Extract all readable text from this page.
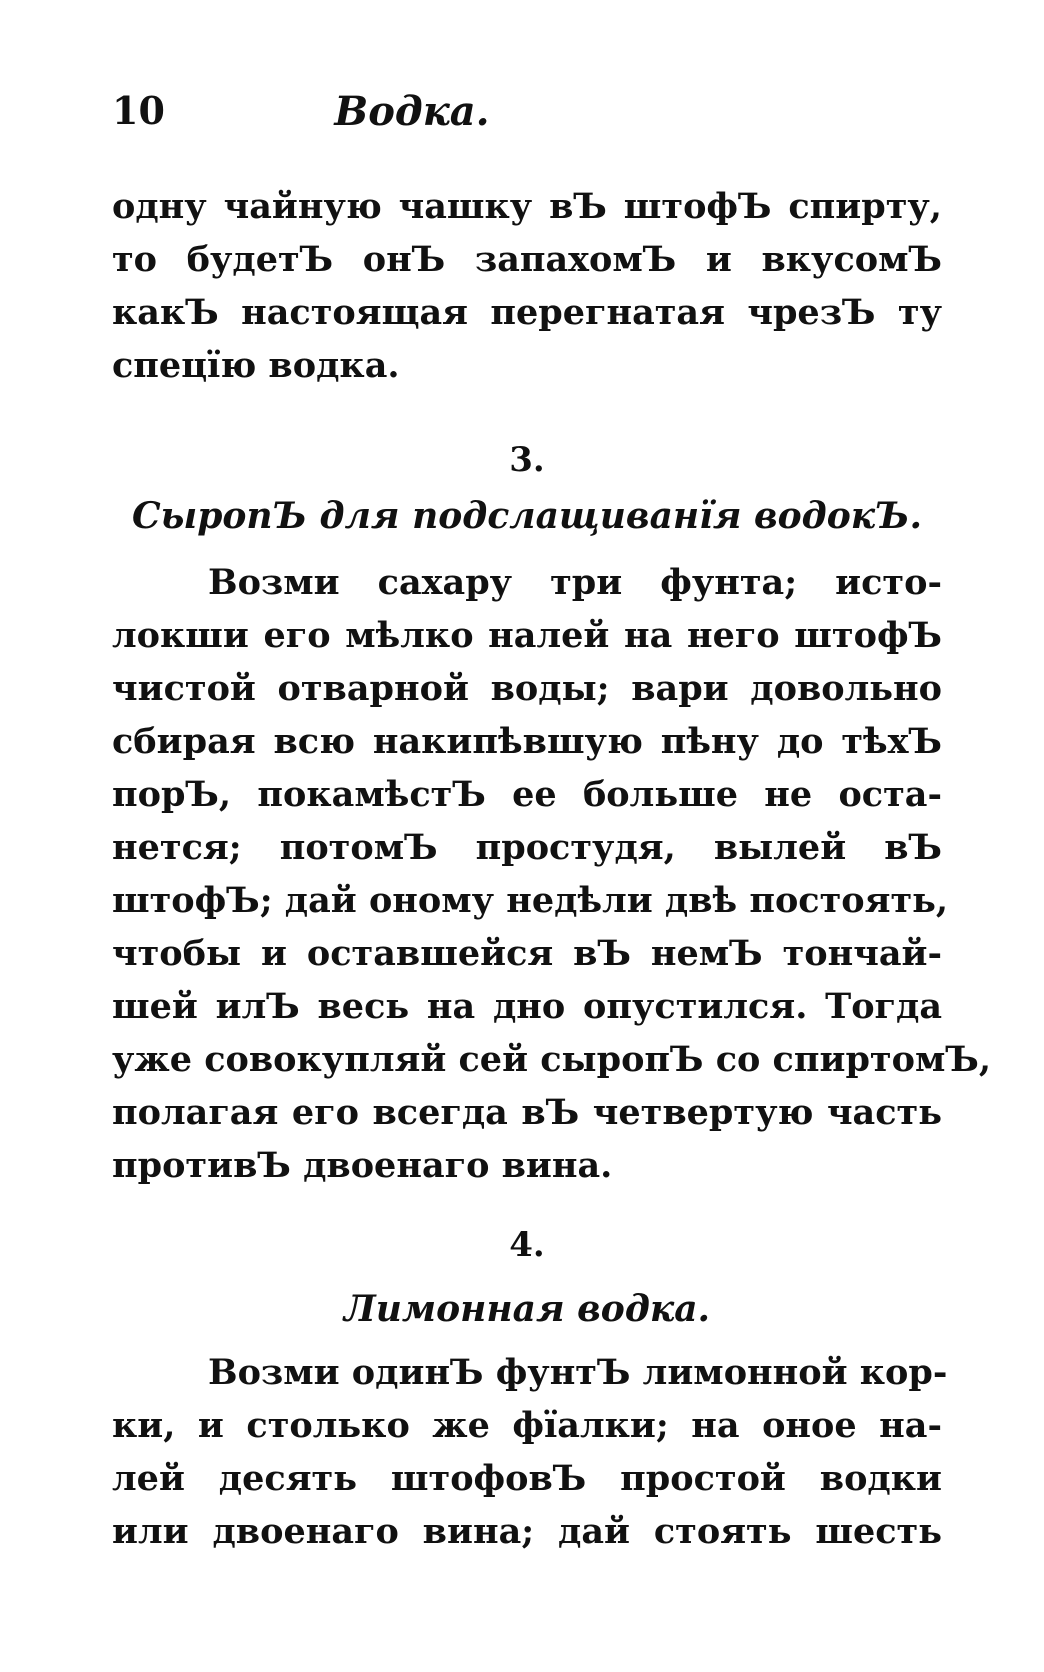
10	Водка.
одну чайную чашку вЪ штофЪ спирту,
то будетЪ онЪ запахомЪ и вкусомЪ
какЪ настоящая перегнатая чрезЪ ту
спецїю водка.
3.
СыропЪ для подслащиванїя водокЪ.
Возми сахару три фунта; исто-
локши его мѣлко налей на него штофЪ
чистой отварной воды; вари довольно
сбирая всю накипѣвшую пѣну до тѣхЪ
порЪ, покамѣстЪ ее больше не оста-
нется; потомЪ простудя, вылей вЪ
штофЪ; дай оному недѣли двѣ постоять,
чтобы и оставшейся вЪ немЪ тончай-
шей илЪ весь на дно опустился. Тогда
уже совокупляй сей сыропЪ со спиртомЪ,
полагая его всегда вЪ четвертую часть
противЪ двоенаго вина.
4.
Лимонная водка.
Возми одинЪ фунтЪ лимонной кор-
ки, и столько же фїалки; на оное на-
лей десять штофовЪ простой водки
или двоенаго вина; дай стоять шесть
